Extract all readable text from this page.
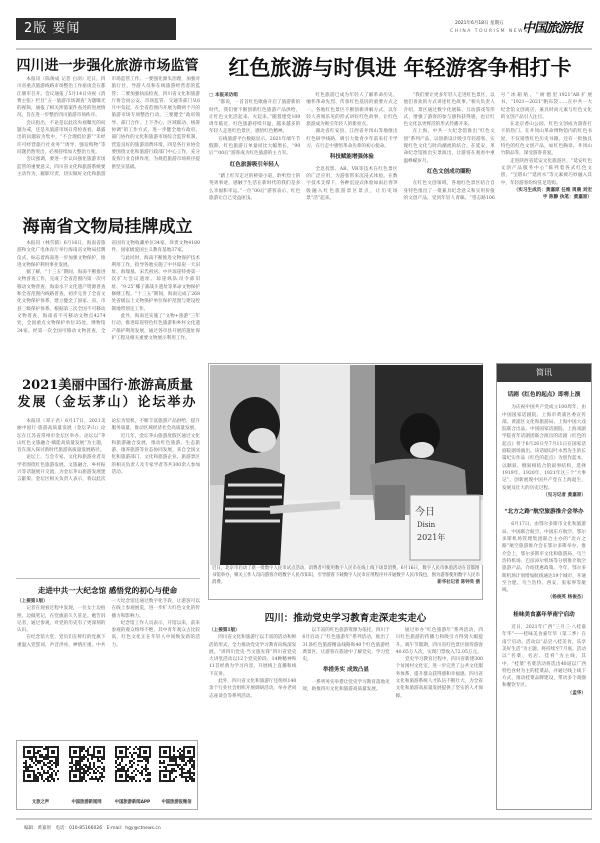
2版 要闻	2021年6月18日 星期五
CHINA TOURISM NEWS
中国旅游报
四川进一步强化旅游市场监管

本报讯（陈俊成 记者 白羽）近日，四川省重点旅游线路市场整治工作座谈会在都江堰市召开。会议通报了5月14日央视《消费主张》栏目“五一旅游市场调查”为题曝光的视频，通报了相关涉旅案件查处的进展情况，旨在进一步整治四川旅游市场秩序。

会议指出，不论是以此次央视曝光的问题为戒，还是从旅游市场日常检查看，暴露出的问题较为集中，“不合理低价游”“未经许可经营旅行社业务”“诱导、强迫购物”等问题仍然突出，必须持续加大整治力度。

会议强调，要进一步认识强化旅游市场监管的重要意义，四川省文化和旅游系统要主动作为，履职尽责，切实做好文化和旅游市场监管工作。一要强化源头治理，加强对旅行社、导游人员和在线旅游经营者的监管；二要加强执法检查，四川省文化和旅游厅将会同公安、市场监管、交通等部门从6月中旬起，在全省范围内开展为期两个月的旅游市场专项整治行动。三要健全“政府领导、部门合作、上下齐心、区域联动、统筹协调”的工作方式，进一步健全地方政府、部门协作的文化和旅游市场综合监管机制，营造良好的旅游消费环境。四是各行业协会要围绕文化和旅游行政部门中心工作，充分发挥行业自律作用，为规范旅游市场秩序提供坚实基础。

海南省文物局挂牌成立

本报讯（林雪儒）6月16日，海南省旅游和文化广电体育厅举行海南省文物局挂牌仪式，标志着海南进一步加强文物保护，推进文物保护利用事业发展。

据了解，“十三五”期间，海南不断推进文物普查工作，完成了全省范围内第一次可移动文物普查、海南水下文化遗产资源普查和全省范围内线路普查，初步完善了全省文化文物保护体系，建立健全了国家、省、市县三级保护体系。根据第三次全国不可移动文物普查，海南省不可移动文物点4274处，全国重点文物保护单位35处，博物馆34家。经第一次全国可移动文物普查，全省国有文物收藏单位34家，珍贵文物4180件，国家级爱国主义教育基地37家。

与此同时，海南不断推进文物保护技术利用工作，指导各地实施了中共琼崖一大旧址、海瑞墓、宋氏祖居、中共琼崖特委第一次扩大会议遗址、琼崖纵队司令部旧址、“9·25”椰子寨战斗遗址等革命文物保护修缮工程。“十三五”期间，海南完成了268处省级以上文物保护单位保护范围与建设控制地带划定工作。

此外，海南还实施了“文物+旅游”三年行动，推进琼崖特色红色旅游和乡村文化遗产保护利用发展，通过各市县开展的遗址保护工程及相关重要文物展示利用工作。

2021美丽中国行·旅游高质量
发展（金坛茅山）论坛举办

本报讯（邓子君）6月17日，2021美丽中国行·旅游高质量发展（金坛茅山）论坛在江苏省常州市金坛区举办。论坛以“茅山红色文旅融合·赋能高质量发展”为主题，旨在深入探讨新时代旅游高质量发展路径。

论坛上，与会专家、文化和旅游业者及学者围绕红色旅游发展、文旅融合、乡村振兴等话题展开交流，为金坛茅山旅游发展建言献策。金坛区相关负责人表示，将以此次论坛为契机，不断丰富旅游产品供给，提升服务质量，推动区域经济社会高质量发展。

近几年，金坛茅山旅游度假区通过文化和旅游融合发展，推动红色旅游、生态旅游、康养旅游等业态协同发展。来自全国文化和旅游部门、文化和旅游企业、旅游景区的相关负责人及专家学者等共300余人参加活动。

走进中共一大纪念馆 感悟党的初心与使命

（上接第1版）

记者在观看过程中发现，一位女士边拍照、边做笔记，在党旗前久久驻足。她告诉记者，通过参观，对党的历史有了更深刻的认识。

在纪念馆大堂，党员们在鲜红的党旗下重温入党誓词，声音洪亮、神情庄重。中共一大纪念馆还通过数字化手段，让游客可以在线上参观展览，进一步扩大红色文化的传播力和影响力。

纪念馆工作人员表示，开馆以来，前来参观的观众络绎不绝，其中青年观众占比较高，红色文化正在年轻人中间焕发新的活力。

文旅之声	中国旅游新闻网	中国旅游新闻APP	中国旅游报微信
红色旅游与时俱进 年轻游客争相打卡

□ 本报采访组

“都说，一首首红色歌曲开启了旅游新的时代，我们要不断创新红色旅游产品供给，让红色文化活起来、火起来。”随着建党100周年临近，红色旅游持续升温，越来越多的年轻人走进红色景区，感悟红色精神。

在线旅游平台数据显示，2021年端午节假期，红色旅游订单量同比大幅增长，“90后”“00后”游客成为红色旅游的主力军。

红色旅游吸引年轻人

“踏上红军走过的桥梁小道，聆听烈士的英勇事迹，感触于生活在新时代的我们是多么幸福和幸运。”一位“00后”游客表示，红色旅游让自己受益匪浅。

红色旅游已成为年轻人了解革命历史、缅怀革命先烈、传承红色基因的重要方式之一。各地红色景区不断创新讲解方式，以年轻人喜闻乐见的形式讲好红色故事，让红色旅游成为吸引年轻人的新亮点。

湖北省红安县、江西省井冈山等地推出红色研学线路，吸引大批青少年前来打卡学习，在行走中感悟革命先辈的初心使命。

科技赋能增强体验

全息投影、AR、VR等技术在红色景区的广泛应用，为游客带来沉浸式体验。在数字技术支撑下，各种沉浸式体验如雨后春笋般融入红色旅游景区景点，让历史场景“活”起来。

“我们要让更多年轻人走进红色景区，以他们喜欢的方式讲述红色故事。”相关负责人介绍，景区通过数字化展陈、互动游戏等形式，增强了游客的参与感和获得感，也让红色文化以更鲜活的形式传播开来。

在上海，中共一大纪念馆推出“红色文创”系列产品，以创新设计吸引年轻游客，实现红色文化与时尚潮流的结合。在延安，革命纪念馆推出实景演出，让游客在观看中重温峥嵘岁月。

红色文创成功圈粉

在红色文创领域，各地红色景区结合自身特色推出了一批兼具纪念意义和实用价值的文创产品，受到年轻人青睐。“望志路106号”冰箱贴、“树德里1921”AR扩展书、“1921—2021”帆布袋……在中共一大纪念馆文创商店，兼具时尚元素与红色文化的文创产品引人注目。

在北京香山公园，红色文创成为游客打卡的热门。在井冈山革命博物馆内的红色书屋，不仅销售红色历史书籍，还有一批独具特色的红色文创产品，如红色胸章、井冈山竹制品等，深受游客喜爱。

走进陕西省延安文化旅游区，“延安红色文创产品服务中心”陈列着各式红色文创，“宝塔山”“延河水”等元素被巧妙融入其中，年轻游客纷纷驻足选购。

（实习生成员：黄嘉原 任维 周晨 刘宏宇 陈静 执笔：黄嘉原）

今日
Disin
2021年
近日，北京市启动了新一批数字人民币试点活动，消费者可使用数字人民币在线上线下场景消费。6月16日，数字人民币体验活动在首都图书馆举办，相关工作人员向游客介绍数字人民币知识，引导游客下载数字人民币应用程序并开通数字人民币钱包，图为游客使用数字人民币消费。	新华社记者 陈钟昊 摄
四川：推动党史学习教育走深走实走心

（上接第1版）

四川省文化和旅游厅以丰富的活动和鲜活的形式，全力推动党史学习教育向纵深发展。“讲四川党史·当文旅先锋”四川省党史大讲堂活动以12个党史阶段、14种精神和11首经典为学习内容，开展线上直播和线下宣讲。

此外，四川省文化和旅游厅还组织140余个行业社会组织开展调研活动，举办老同志座谈会等系列活动。

以丰富的红色旅游资源为依托，四川于6月启动了“红色旅游年”系列活动，推出了31条红色旅游精品线路和40个红色旅游经典景区，让游客在旅途中了解党史、学习党史。

举措务实 成效凸显

一系列务实举措让党史学习教育落地见效，助推四川文化和旅游高质量发展。

通过举办“红色旅游年”系列活动，四川红色旅游的传播力和吸引力得到大幅提升。端午节假期，四川省红色景区接待游客40.65万人次，实现门票收入72.05万元。

党史学习教育过程中，四川省新建300个贫困村文化室，进一步完善了公共文化服务体系，提升群众获得感和幸福感。四川省文化和旅游系统人才队伍不断壮大，为全省文化和旅游高质量发展提供了坚实的人才保障。

简讯
话剧《红色的起点》即将上演

为庆祝中国共产党成立100周年，由中国国家话剧院、上海市黄浦区委宣传部、黄浦区文化和旅游局、上海中国大戏院联合出品，中国国家话剧院、上海戏剧学院青年话剧团联合演出的话剧《红色的起点》将于6月26日至7月11日在国家话剧院剧场演出。该话剧以叶永烈先生的长篇纪实作品《红色的起点》为创作蓝本，以顺叙、倒叙相结合的叙事结构，选择1919年、1920年、1921年这三个“大事记”，创新展现中国共产党在上海诞生、发展及壮大的历史过程。

（见习记者 黄嘉原）

“北方之路”航空旅游推介会举办

6月17日，由鄂尔多斯市文化和旅游局、中国联合航空、中国东方航空、鄂尔多斯机场管理集团联合主办的“北方之路”航空旅游推介会在鄂尔多斯举办。推介会上，鄂尔多斯市文化和旅游局、乌兰浩特机场、巴彦淖尔机场等分别推介航空旅游产品、介绍优惠政策。今年，鄂尔多斯机场计划增加航线通达19个城市，开通至合肥、乌兰浩特、西安、张家界等航线。

（杨俊英 杨俊杰）

桂味美食嘉年华南宁启动

近日，2021年广西“三月三·八桂嘉年华”——桂味美食嘉年华（第二季）在南宁启动。活动以“品尝八桂美食，乐享美好生活”为主题，将持续至7月底。活动以“名菜、名店、佳肴”为主线，其中，“桂菜”名菜活动将选出40道以广西特色食材为主的桂菜品，并通过线上线下方式，推动桂菜品牌建设，带动多个商圈和餐饮专区。

（孟华）

编辑：黄嘉原　电话：010-85166026　E-mail：hgy@ctnews.cn
